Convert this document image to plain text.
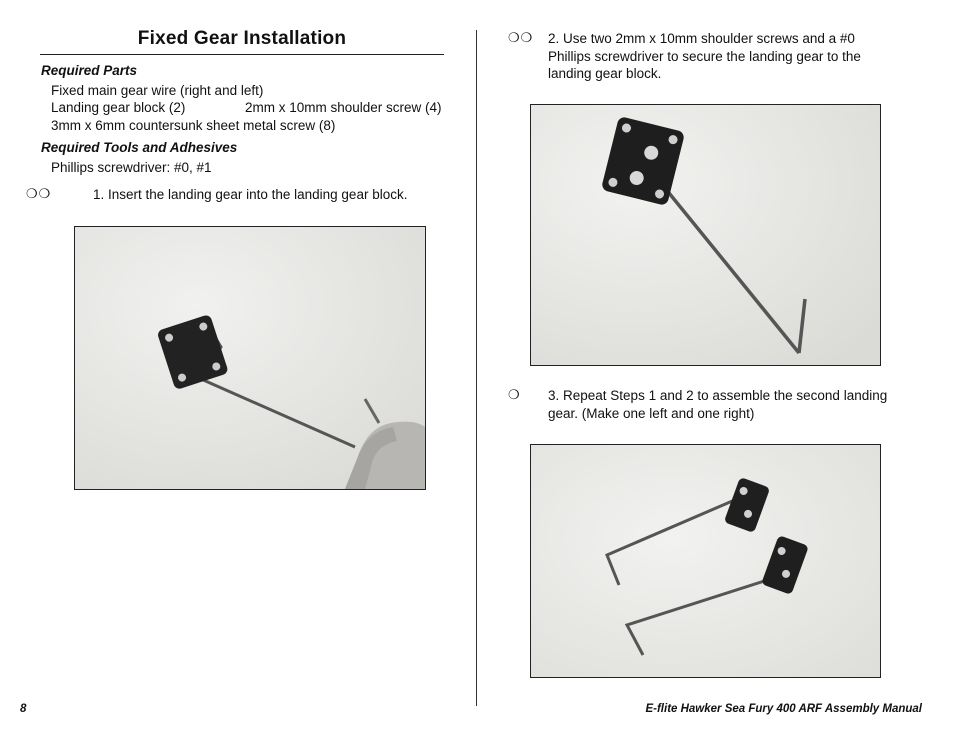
Fixed Gear Installation
Required Parts
Fixed main gear wire (right and left)
Landing gear block (2)	2mm x 10mm shoulder screw (4)
3mm x 6mm countersunk sheet metal screw (8)
Required Tools and Adhesives
Phillips screwdriver: #0, #1
❍❍	1. Insert the landing gear into the landing gear block.
❍❍ 2. Use two 2mm x 10mm shoulder screws and a #0
Phillips screwdriver to secure the landing gear to the
landing gear block.
❍ 3. Repeat Steps 1 and 2 to assemble the second landing
gear. (Make one left and one right)
8	E-flite Hawker Sea Fury 400 ARF Assembly Manual
